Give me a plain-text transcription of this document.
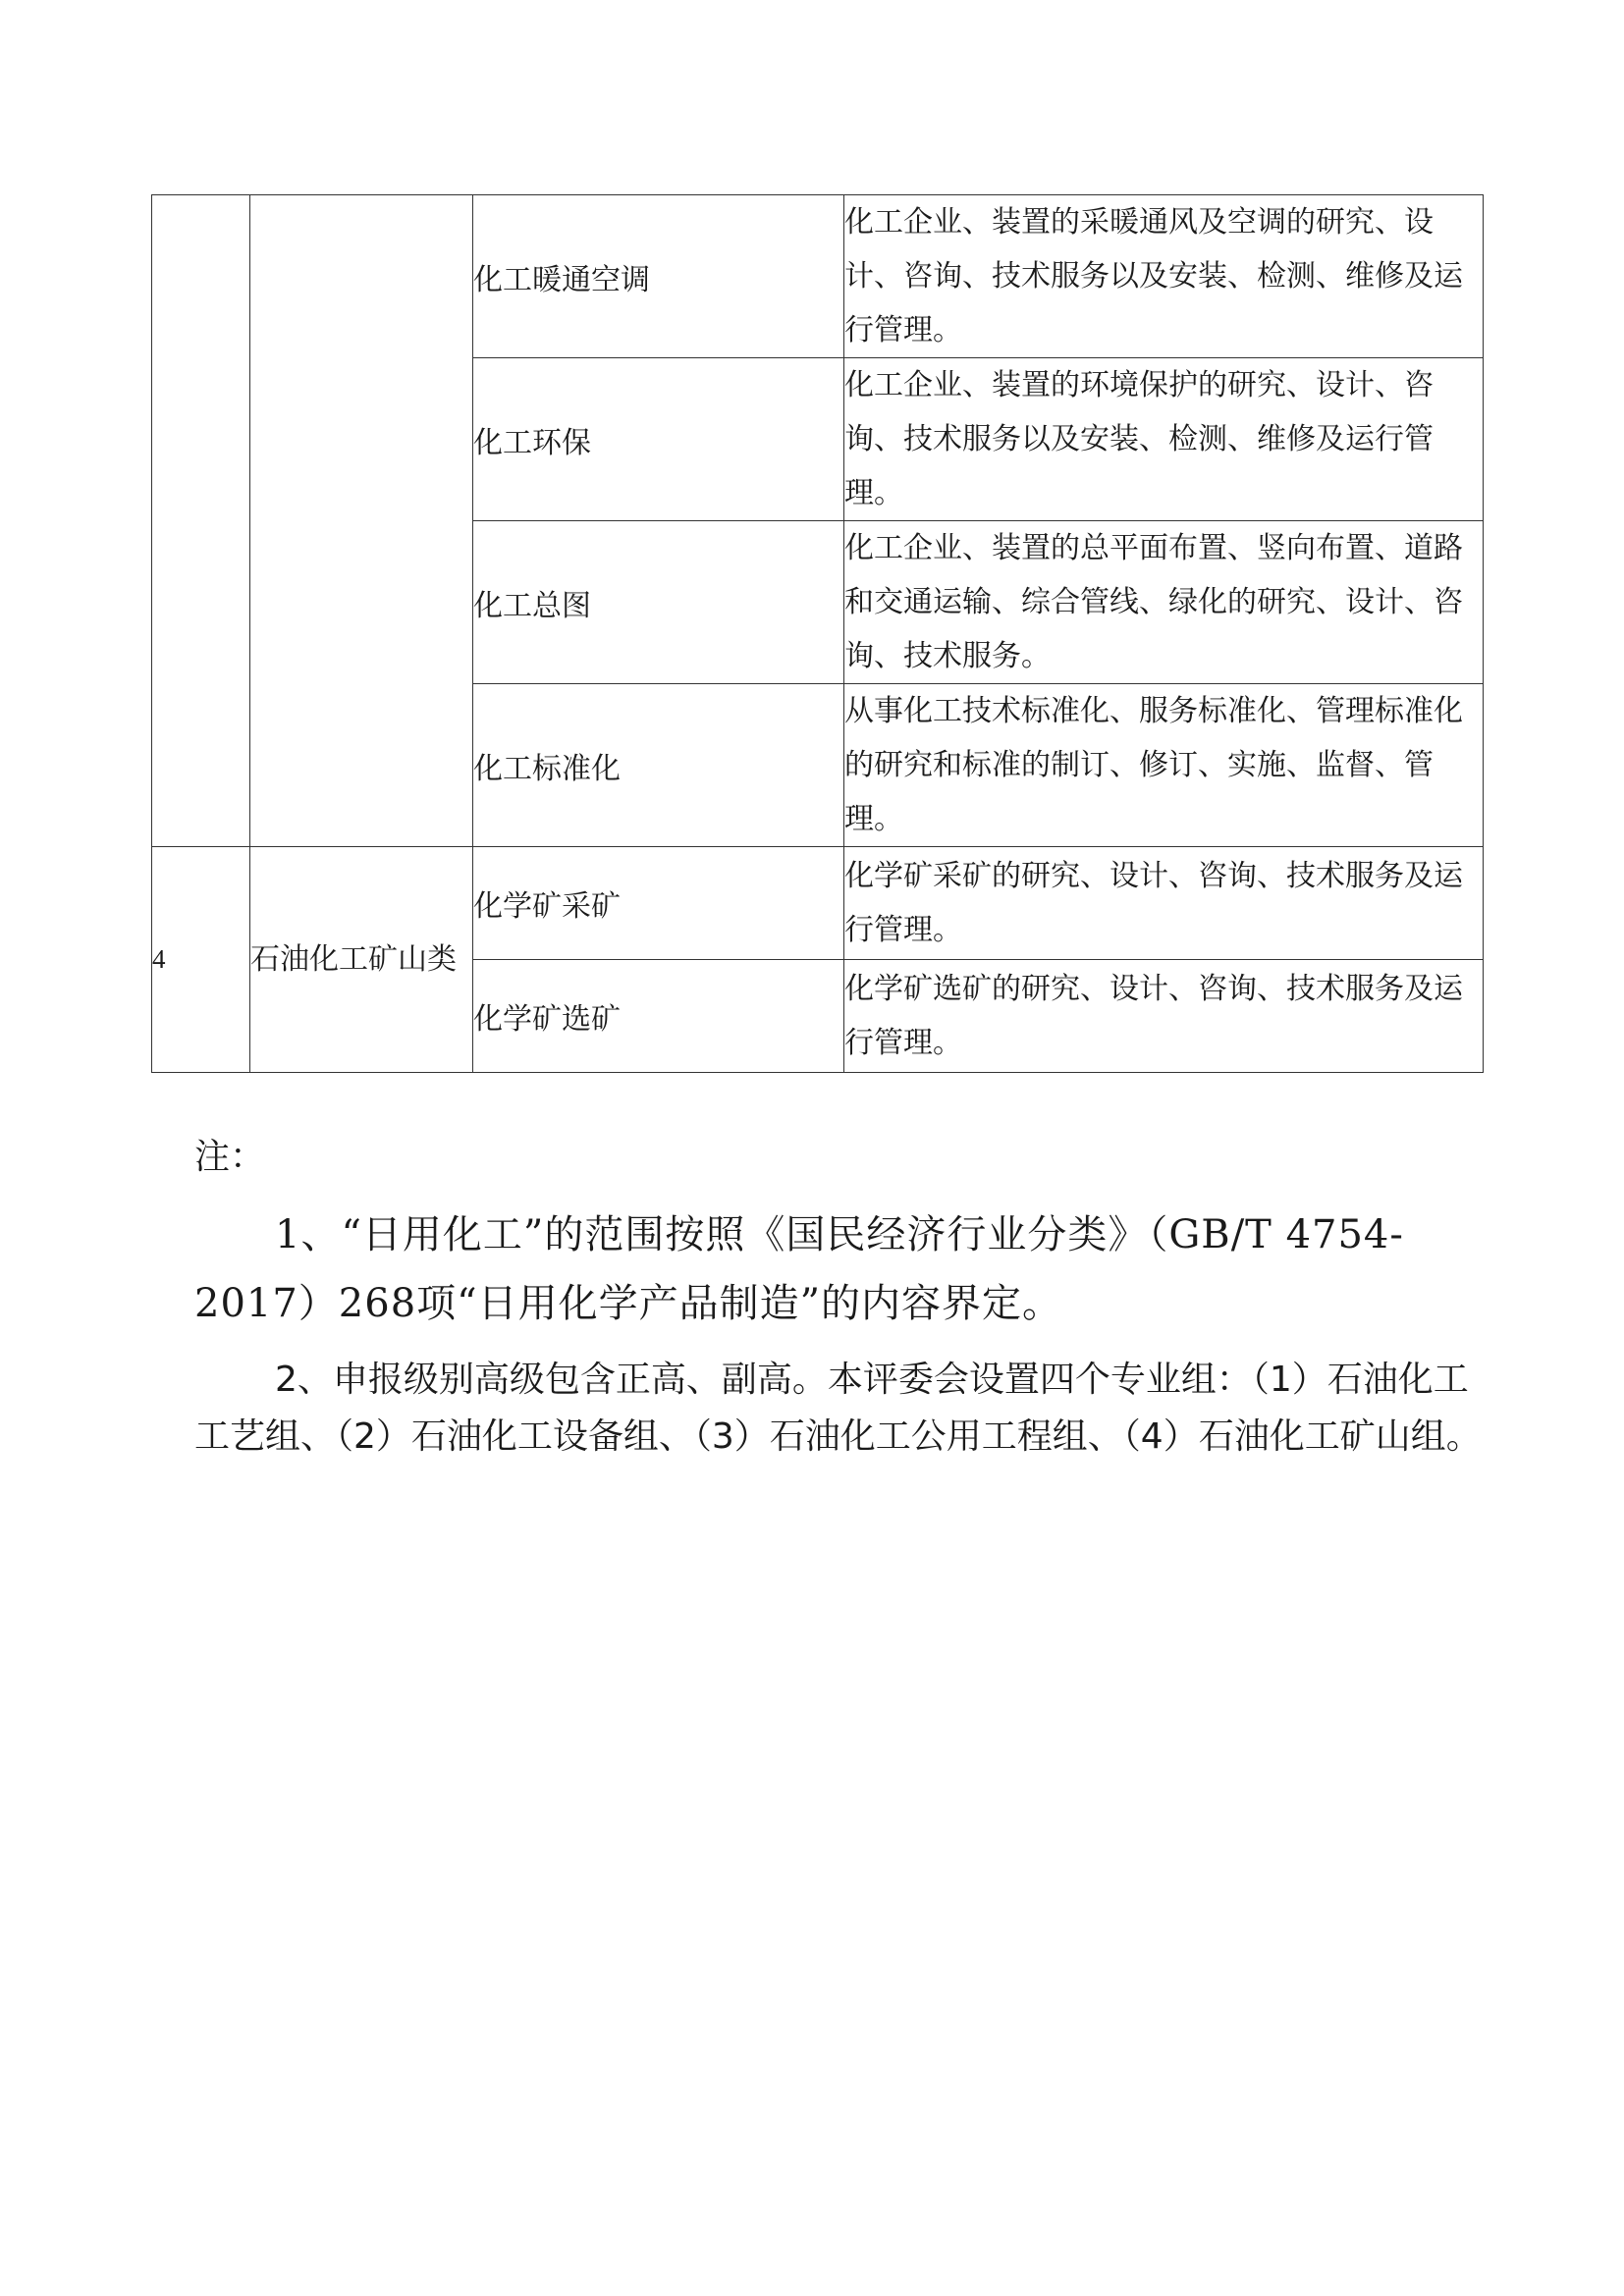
		化工暖通空调	化工企业、装置的采暖通风及空调的研究、设计、咨询、技术服务以及安装、检测、维修及运行管理。
		化工环保	化工企业、装置的环境保护的研究、设计、咨询、技术服务以及安装、检测、维修及运行管理。
		化工总图	化工企业、装置的总平面布置、竖向布置、道路和交通运输、综合管线、绿化的研究、设计、咨询、技术服务。
		化工标准化	从事化工技术标准化、服务标准化、管理标准化的研究和标准的制订、修订、实施、监督、管理。
4	石油化工矿山类	化学矿采矿	化学矿采矿的研究、设计、咨询、技术服务及运行管理。
		化学矿选矿	化学矿选矿的研究、设计、咨询、技术服务及运行管理。

注：

1、“日用化工”的范围按照《国民经济行业分类》（GB/T 4754-2017）268项“日用化学产品制造”的内容界定。

2、申报级别高级包含正高、副高。本评委会设置四个专业组：（1）石油化工工艺组、（2）石油化工设备组、（3）石油化工公用工程组、（4）石油化工矿山组。
